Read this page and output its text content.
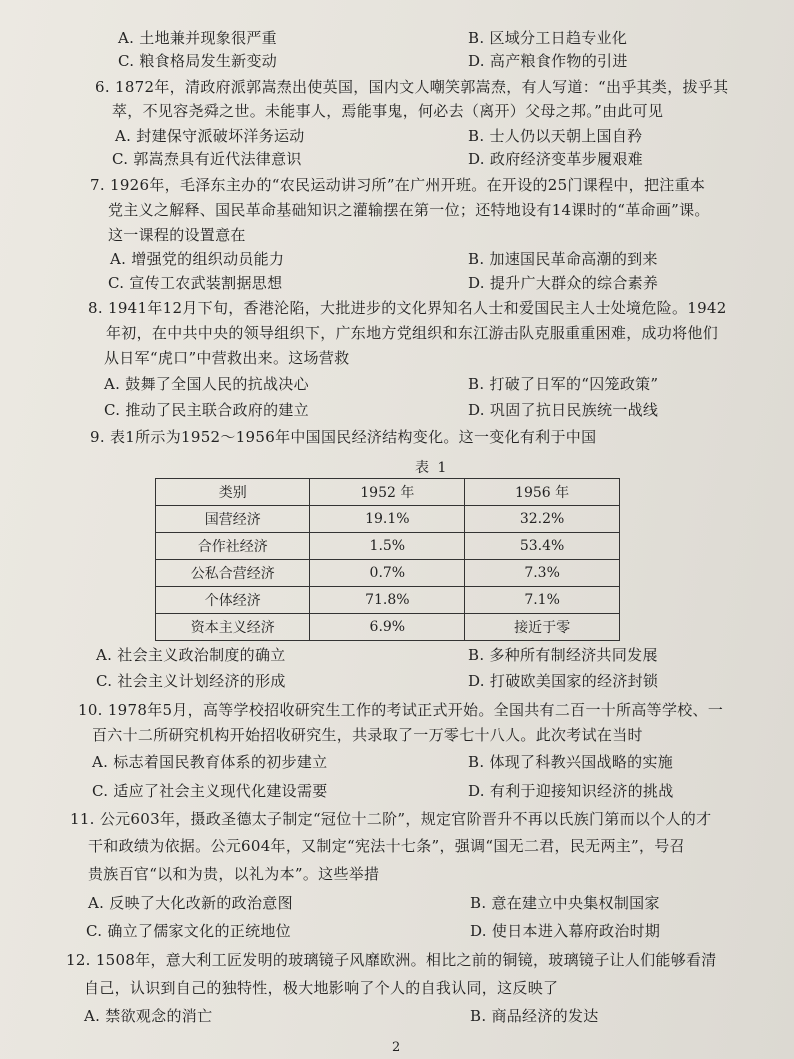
A. 土地兼并现象很严重	B. 区域分工日趋专业化
C. 粮食格局发生新变动	D. 高产粮食作物的引进
6. 1872年，清政府派郭嵩焘出使英国，国内文人嘲笑郭嵩焘，有人写道：“出乎其类，拔乎其
萃，不见容尧舜之世。未能事人，焉能事鬼，何必去（离开）父母之邦。”由此可见
A. 封建保守派破坏洋务运动	B. 士人仍以天朝上国自矜
C. 郭嵩焘具有近代法律意识	D. 政府经济变革步履艰难
7. 1926年，毛泽东主办的“农民运动讲习所”在广州开班。在开设的25门课程中，把注重本
党主义之解释、国民革命基础知识之灌输摆在第一位；还特地设有14课时的“革命画”课。
这一课程的设置意在
A. 增强党的组织动员能力	B. 加速国民革命高潮的到来
C. 宣传工农武装割据思想	D. 提升广大群众的综合素养
8. 1941年12月下旬，香港沦陷，大批进步的文化界知名人士和爱国民主人士处境危险。1942
年初，在中共中央的领导组织下，广东地方党组织和东江游击队克服重重困难，成功将他们
从日军“虎口”中营救出来。这场营救
A. 鼓舞了全国人民的抗战决心	B. 打破了日军的“囚笼政策”
C. 推动了民主联合政府的建立	D. 巩固了抗日民族统一战线
9. 表1所示为1952～1956年中国国民经济结构变化。这一变化有利于中国
表 1
类别	1952 年	1956 年
国营经济	19.1%	32.2%
合作社经济	1.5%	53.4%
公私合营经济	0.7%	7.3%
个体经济	71.8%	7.1%
资本主义经济	6.9%	接近于零
A. 社会主义政治制度的确立	B. 多种所有制经济共同发展
C. 社会主义计划经济的形成	D. 打破欧美国家的经济封锁
10. 1978年5月，高等学校招收研究生工作的考试正式开始。全国共有二百一十所高等学校、一
百六十二所研究机构开始招收研究生，共录取了一万零七十八人。此次考试在当时
A. 标志着国民教育体系的初步建立	B. 体现了科教兴国战略的实施
C. 适应了社会主义现代化建设需要	D. 有利于迎接知识经济的挑战
11. 公元603年，摄政圣德太子制定“冠位十二阶”，规定官阶晋升不再以氏族门第而以个人的才
干和政绩为依据。公元604年，又制定“宪法十七条”，强调“国无二君，民无两主”，号召
贵族百官“以和为贵，以礼为本”。这些举措
A. 反映了大化改新的政治意图	B. 意在建立中央集权制国家
C. 确立了儒家文化的正统地位	D. 使日本进入幕府政治时期
12. 1508年，意大利工匠发明的玻璃镜子风靡欧洲。相比之前的铜镜，玻璃镜子让人们能够看清
自己，认识到自己的独特性，极大地影响了个人的自我认同，这反映了
A. 禁欲观念的消亡	B. 商品经济的发达
2
